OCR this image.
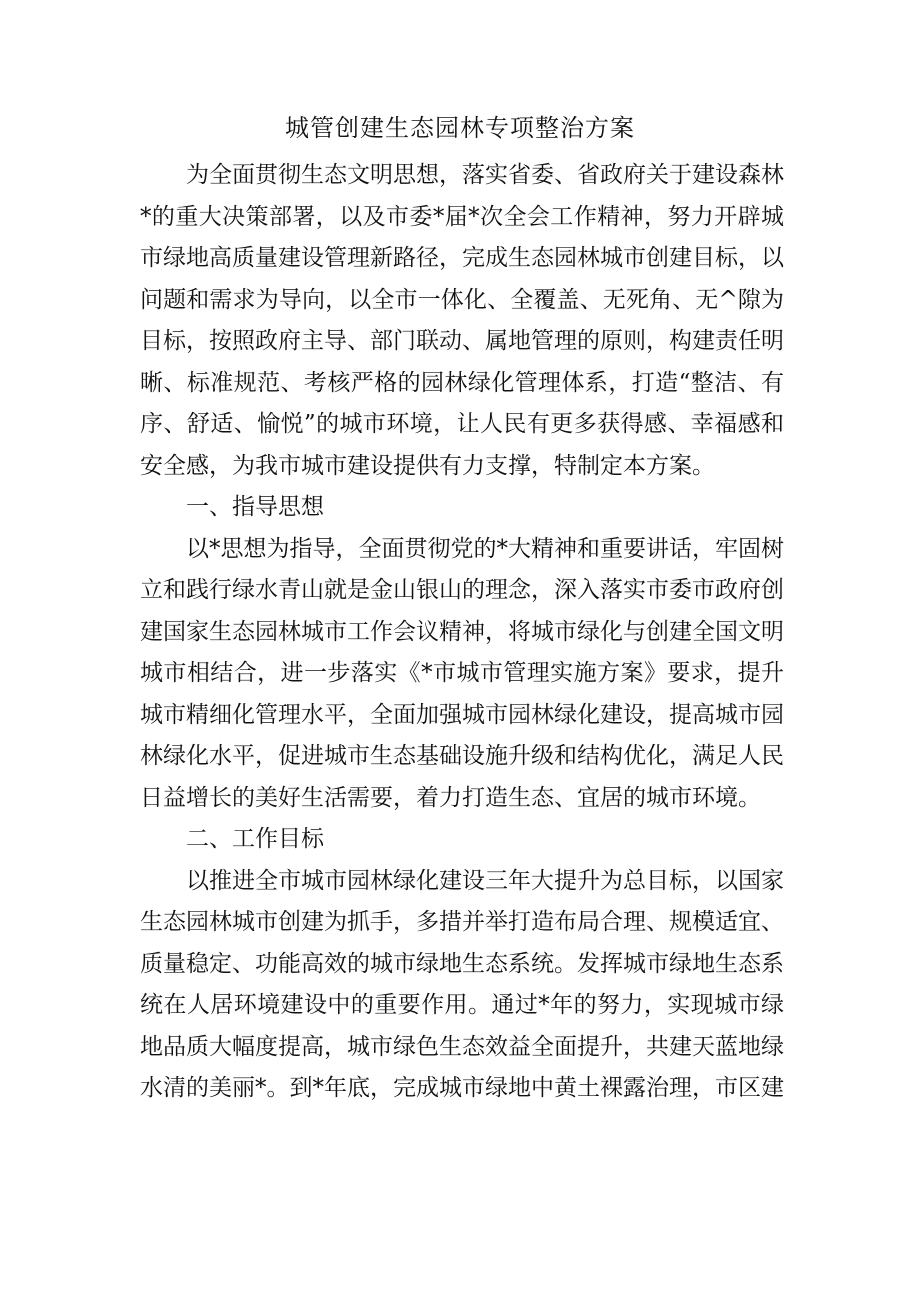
城管创建生态园林专项整治方案

为全面贯彻生态文明思想，落实省委、省政府关于建设森林*的重大决策部署，以及市委*届*次全会工作精神，努力开辟城市绿地高质量建设管理新路径，完成生态园林城市创建目标，以问题和需求为导向，以全市一体化、全覆盖、无死角、无^隙为目标，按照政府主导、部门联动、属地管理的原则，构建责任明晰、标准规范、考核严格的园林绿化管理体系，打造“整洁、有序、舒适、愉悦”的城市环境，让人民有更多获得感、幸福感和安全感，为我市城市建设提供有力支撑，特制定本方案。

一、指导思想

以*思想为指导，全面贯彻党的*大精神和重要讲话，牢固树立和践行绿水青山就是金山银山的理念，深入落实市委市政府创建国家生态园林城市工作会议精神，将城市绿化与创建全国文明城市相结合，进一步落实《*市城市管理实施方案》要求，提升城市精细化管理水平，全面加强城市园林绿化建设，提高城市园林绿化水平，促进城市生态基础设施升级和结构优化，满足人民日益增长的美好生活需要，着力打造生态、宜居的城市环境。

二、工作目标

以推进全市城市园林绿化建设三年大提升为总目标，以国家生态园林城市创建为抓手，多措并举打造布局合理、规模适宜、质量稳定、功能高效的城市绿地生态系统。发挥城市绿地生态系统在人居环境建设中的重要作用。通过*年的努力，实现城市绿地品质大幅度提高，城市绿色生态效益全面提升，共建天蓝地绿水清的美丽*。到*年底，完成城市绿地中黄土裸露治理，市区建
